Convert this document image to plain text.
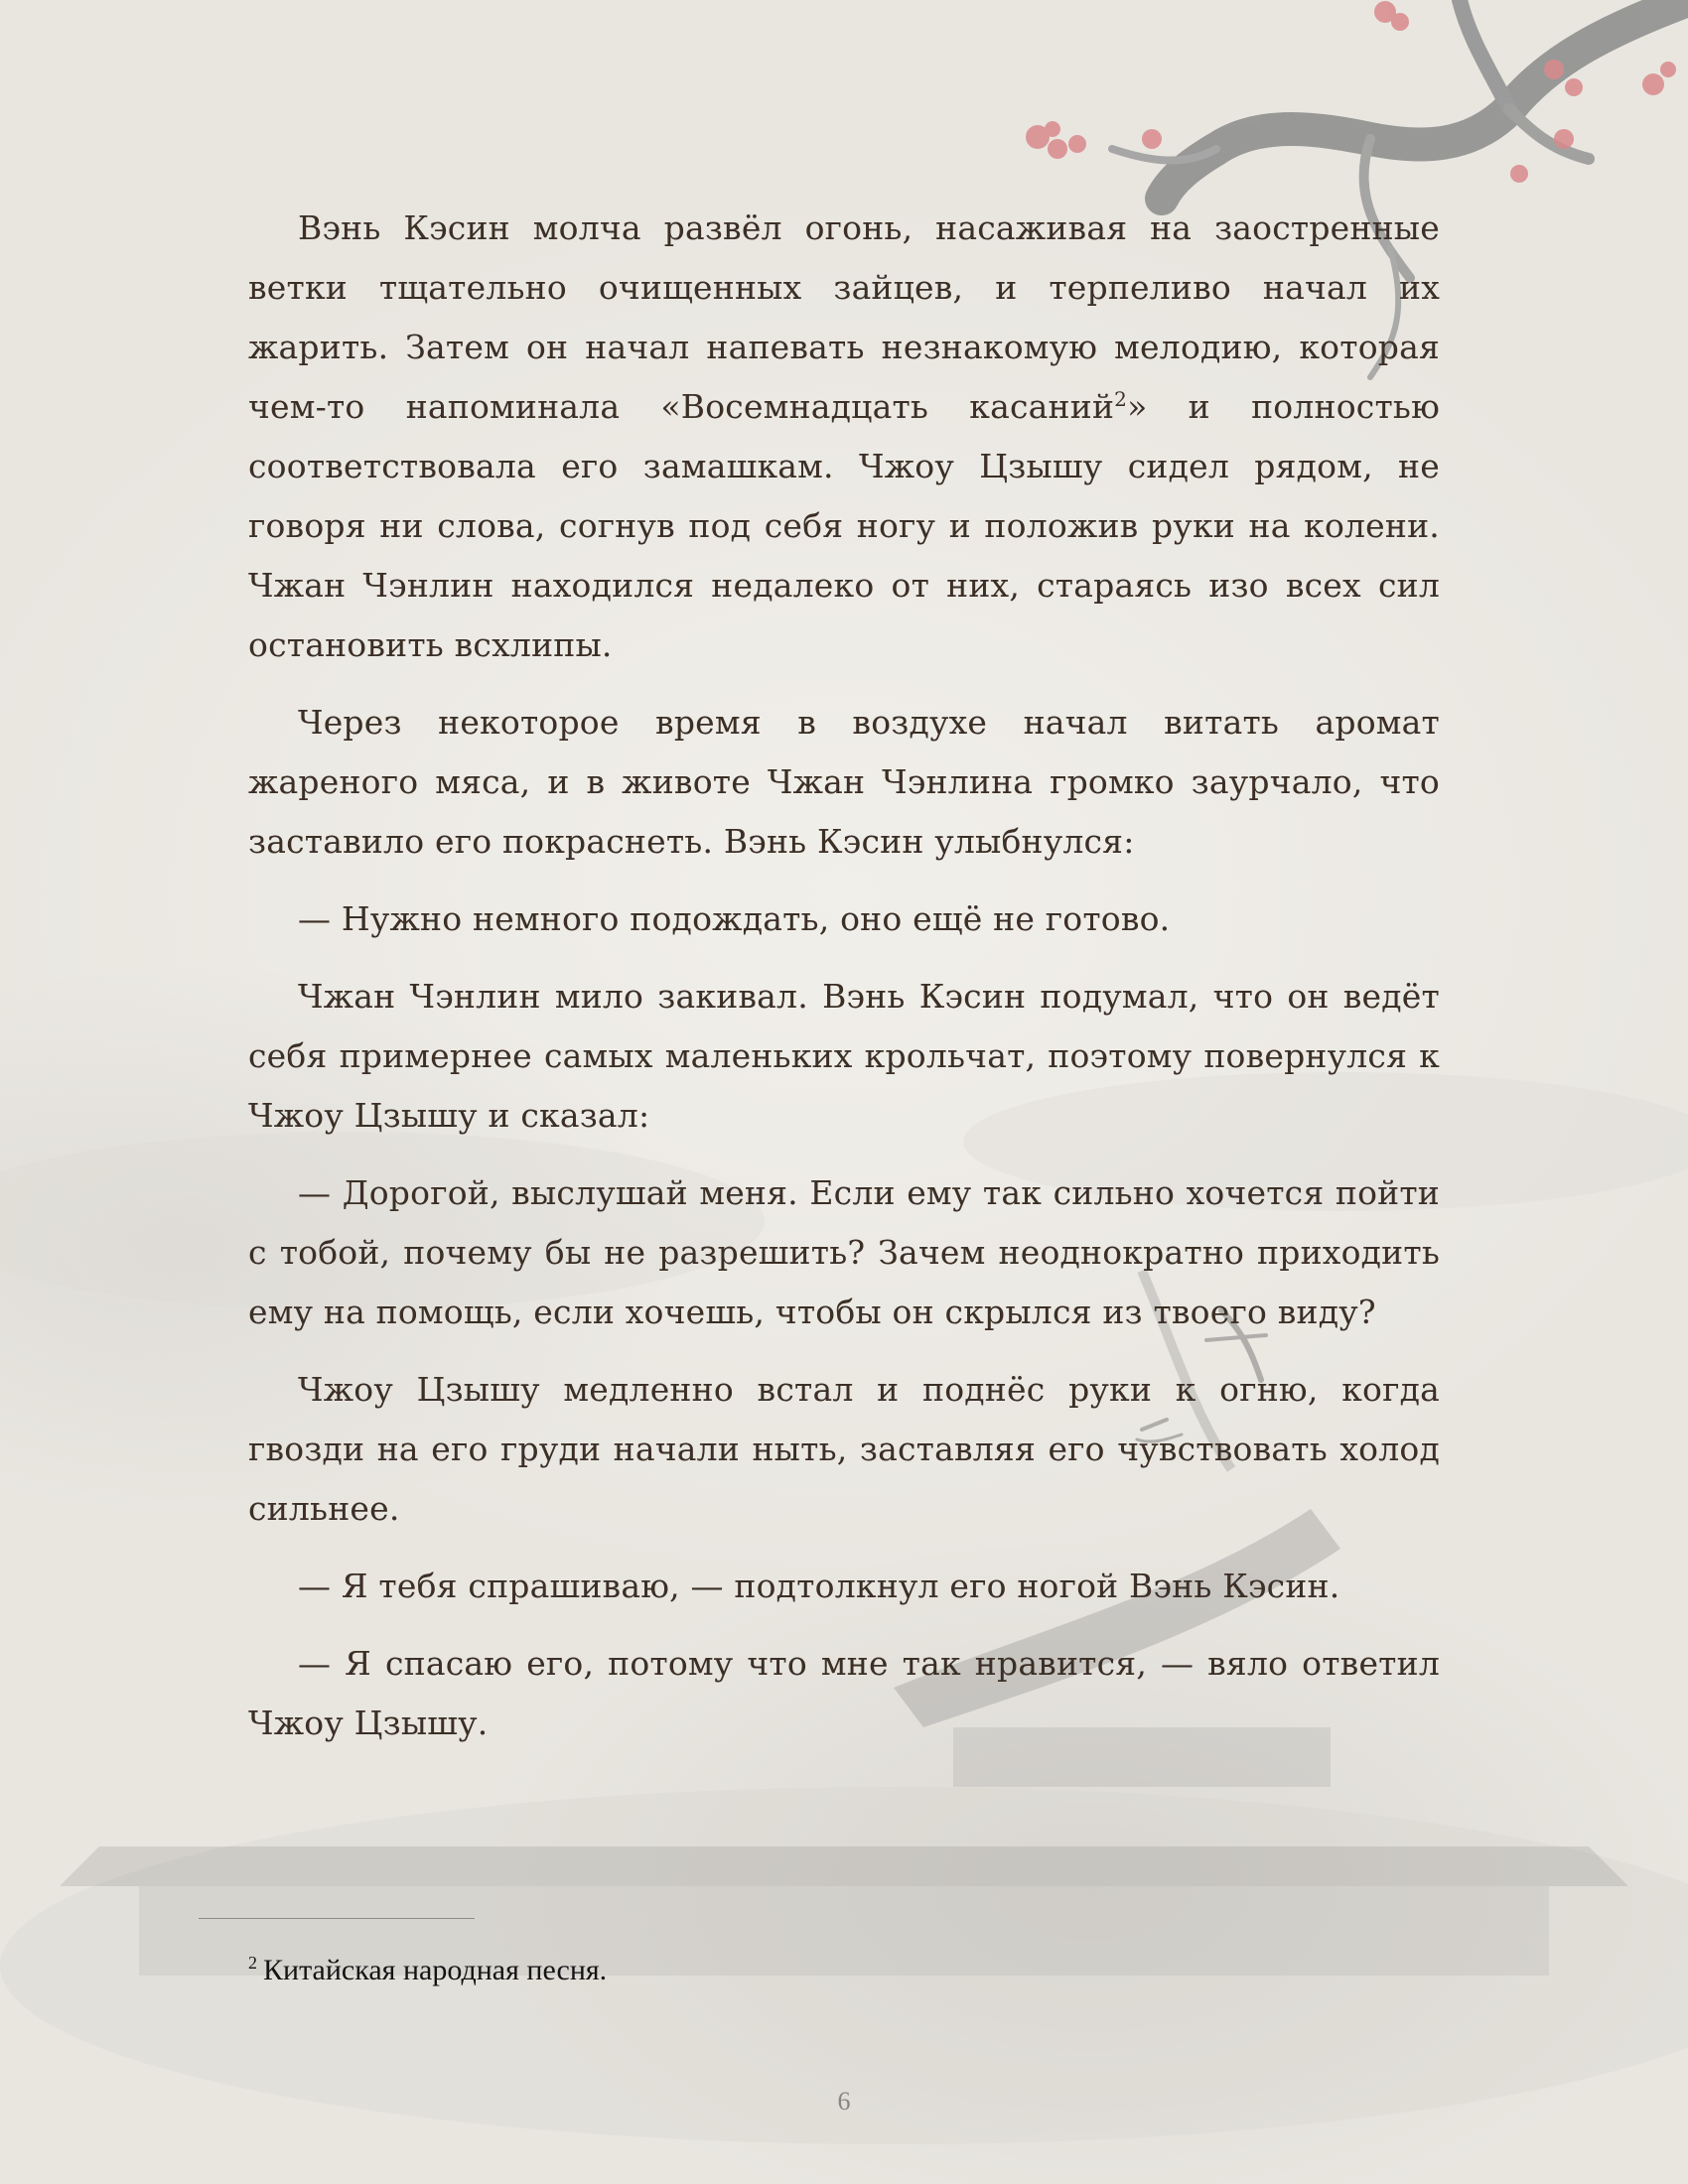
Вэнь Кэсин молча развёл огонь, насаживая на заостренные ветки тщательно очищенных зайцев, и терпеливо начал их жарить. Затем он начал напевать незнакомую мелодию, которая чем-то напоминала «Восемнадцать касаний$^2$» и полностью соответствовала его замашкам. Чжоу Цзышу сидел рядом, не говоря ни слова, согнув под себя ногу и положив руки на колени. Чжан Чэнлин находился недалеко от них, стараясь изо всех сил остановить всхлипы.

Через некоторое время в воздухе начал витать аромат жареного мяса, и в животе Чжан Чэнлина громко заурчало, что заставило его покраснеть. Вэнь Кэсин улыбнулся:

— Нужно немного подождать, оно ещё не готово.

Чжан Чэнлин мило закивал. Вэнь Кэсин подумал, что он ведёт себя примернее самых маленьких крольчат, поэтому повернулся к Чжоу Цзышу и сказал:

— Дорогой, выслушай меня. Если ему так сильно хочется пойти с тобой, почему бы не разрешить? Зачем неоднократно приходить ему на помощь, если хочешь, чтобы он скрылся из твоего виду?

Чжоу Цзышу медленно встал и поднёс руки к огню, когда гвозди на его груди начали ныть, заставляя его чувствовать холод сильнее.

— Я тебя спрашиваю, — подтолкнул его ногой Вэнь Кэсин.

— Я спасаю его, потому что мне так нравится, — вяло ответил Чжоу Цзышу.

$^2$ Китайская народная песня.
6
